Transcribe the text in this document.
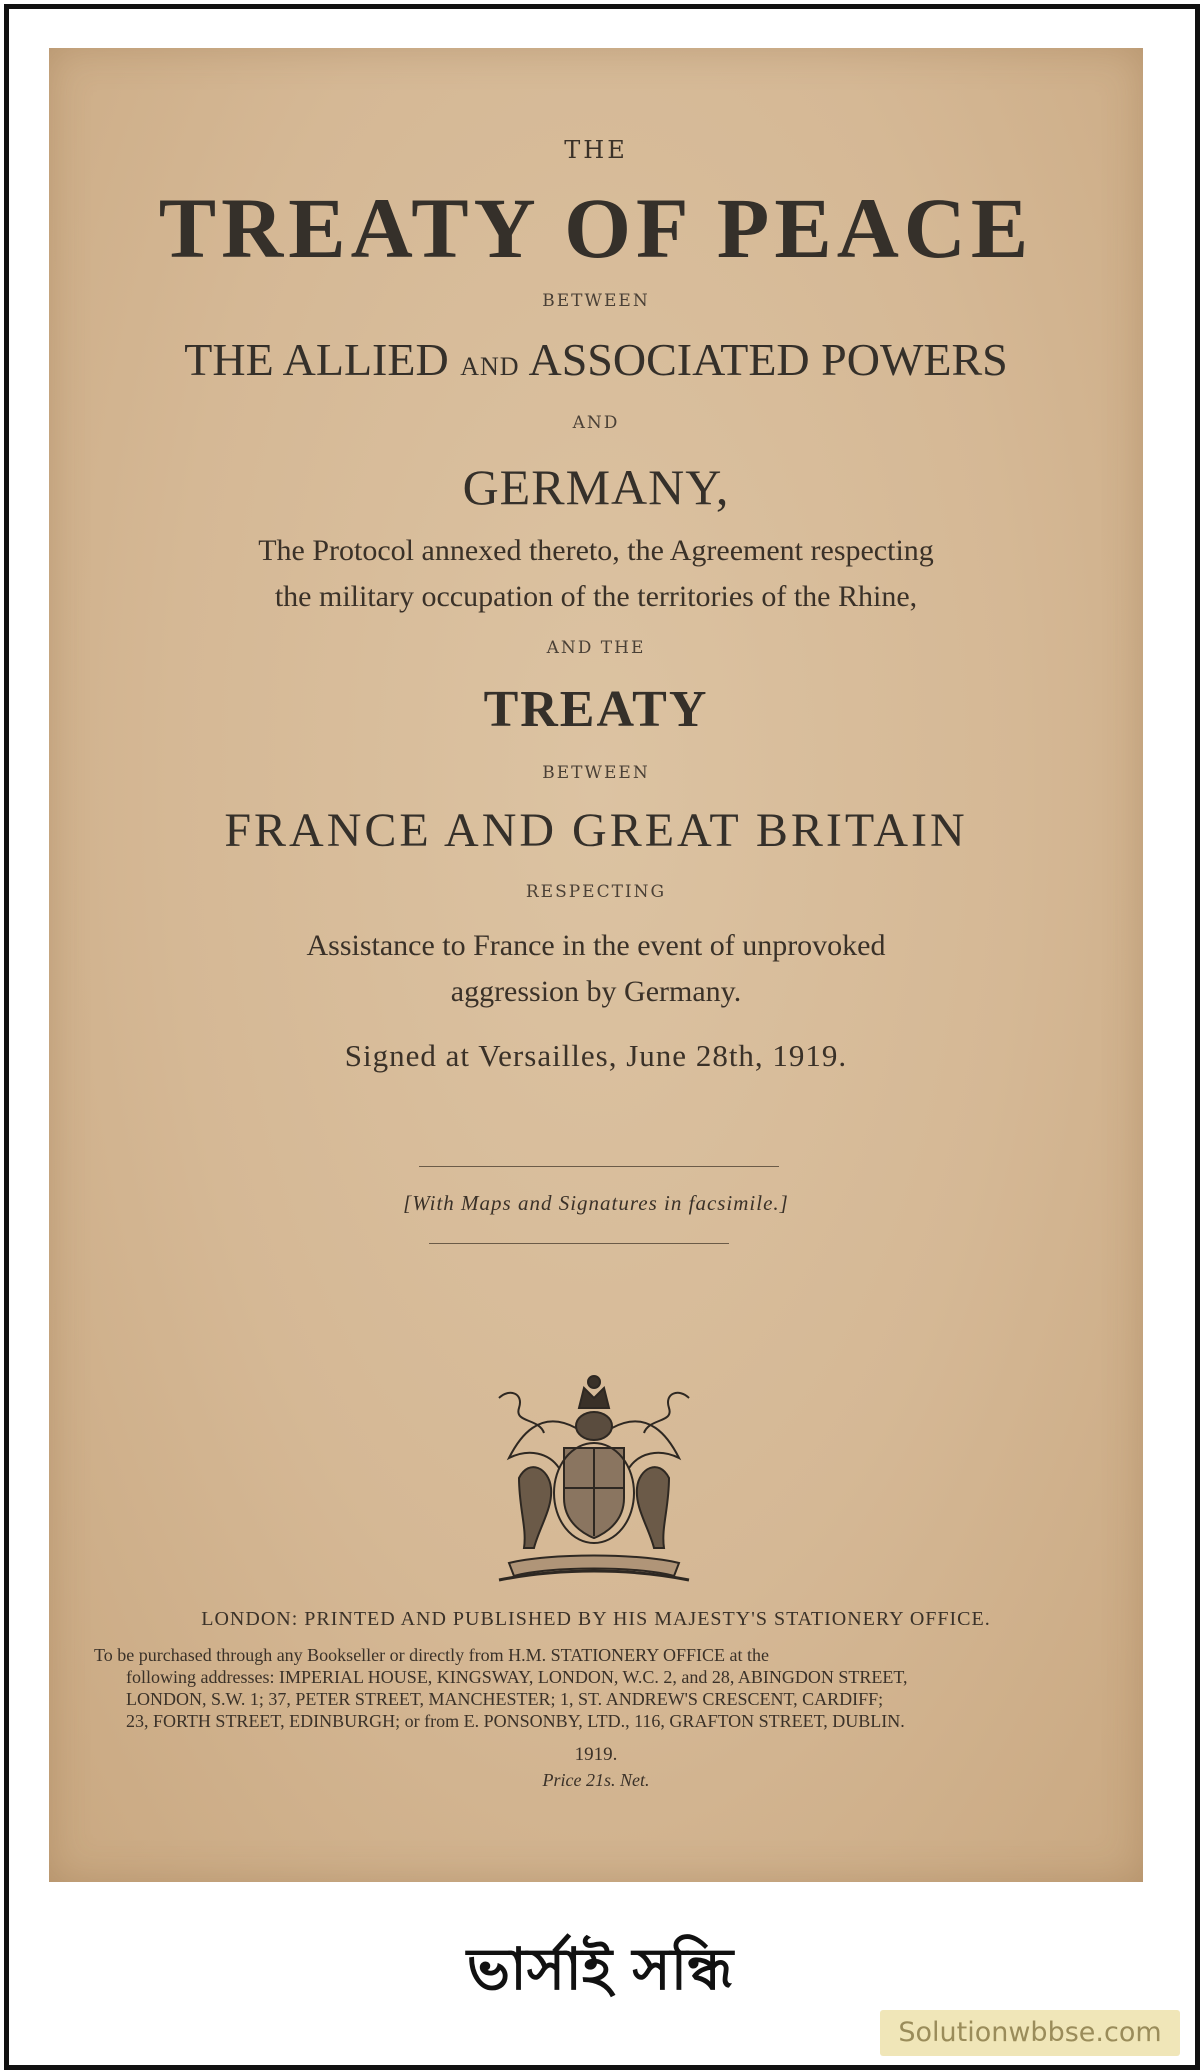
THE
TREATY OF PEACE
BETWEEN
THE ALLIED AND ASSOCIATED POWERS
AND
GERMANY,
The Protocol annexed thereto, the Agreement respecting
the military occupation of the territories of the Rhine,
AND THE
TREATY
BETWEEN
FRANCE AND GREAT BRITAIN
RESPECTING
Assistance to France in the event of unprovoked
aggression by Germany.
Signed at Versailles, June 28th, 1919.
[With Maps and Signatures in facsimile.]
LONDON: PRINTED AND PUBLISHED BY HIS MAJESTY'S STATIONERY OFFICE.
To be purchased through any Bookseller or directly from H.M. STATIONERY OFFICE at the
following addresses: IMPERIAL HOUSE, KINGSWAY, LONDON, W.C. 2, and 28, ABINGDON STREET,
LONDON, S.W. 1; 37, PETER STREET, MANCHESTER; 1, ST. ANDREW'S CRESCENT, CARDIFF;
23, FORTH STREET, EDINBURGH; or from E. PONSONBY, LTD., 116, GRAFTON STREET, DUBLIN.
1919.
Price 21s. Net.
ভার্সাই সন্ধি
Solutionwbbse.com
